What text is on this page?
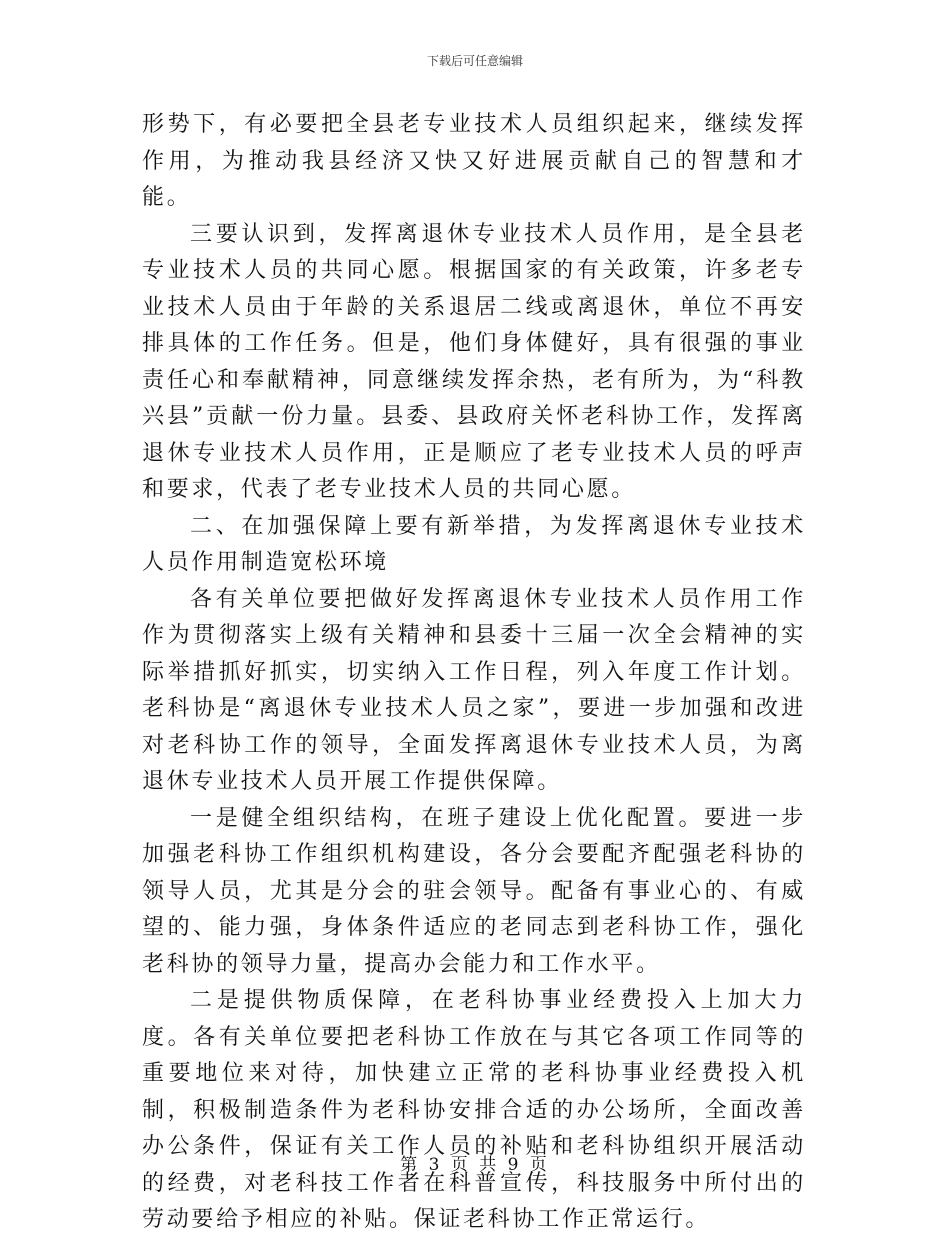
下载后可任意编辑

形势下，有必要把全县老专业技术人员组织起来，继续发挥作用，为推动我县经济又快又好进展贡献自己的智慧和才能。

三要认识到，发挥离退休专业技术人员作用，是全县老专业技术人员的共同心愿。根据国家的有关政策，许多老专业技术人员由于年龄的关系退居二线或离退休，单位不再安排具体的工作任务。但是，他们身体健好，具有很强的事业责任心和奉献精神，同意继续发挥余热，老有所为，为“科教兴县”贡献一份力量。县委、县政府关怀老科协工作，发挥离退休专业技术人员作用，正是顺应了老专业技术人员的呼声和要求，代表了老专业技术人员的共同心愿。

二、在加强保障上要有新举措，为发挥离退休专业技术人员作用制造宽松环境

各有关单位要把做好发挥离退休专业技术人员作用工作作为贯彻落实上级有关精神和县委十三届一次全会精神的实际举措抓好抓实，切实纳入工作日程，列入年度工作计划。老科协是“离退休专业技术人员之家”，要进一步加强和改进对老科协工作的领导，全面发挥离退休专业技术人员，为离退休专业技术人员开展工作提供保障。

一是健全组织结构，在班子建设上优化配置。要进一步加强老科协工作组织机构建设，各分会要配齐配强老科协的领导人员，尤其是分会的驻会领导。配备有事业心的、有威望的、能力强，身体条件适应的老同志到老科协工作，强化老科协的领导力量，提高办会能力和工作水平。

二是提供物质保障，在老科协事业经费投入上加大力度。各有关单位要把老科协工作放在与其它各项工作同等的重要地位来对待，加快建立正常的老科协事业经费投入机制，积极制造条件为老科协安排合适的办公场所，全面改善办公条件，保证有关工作人员的补贴和老科协组织开展活动的经费，对老科技工作者在科普宣传，科技服务中所付出的劳动要给予相应的补贴。保证老科协工作正常运行。

第 3 页 共 9 页
